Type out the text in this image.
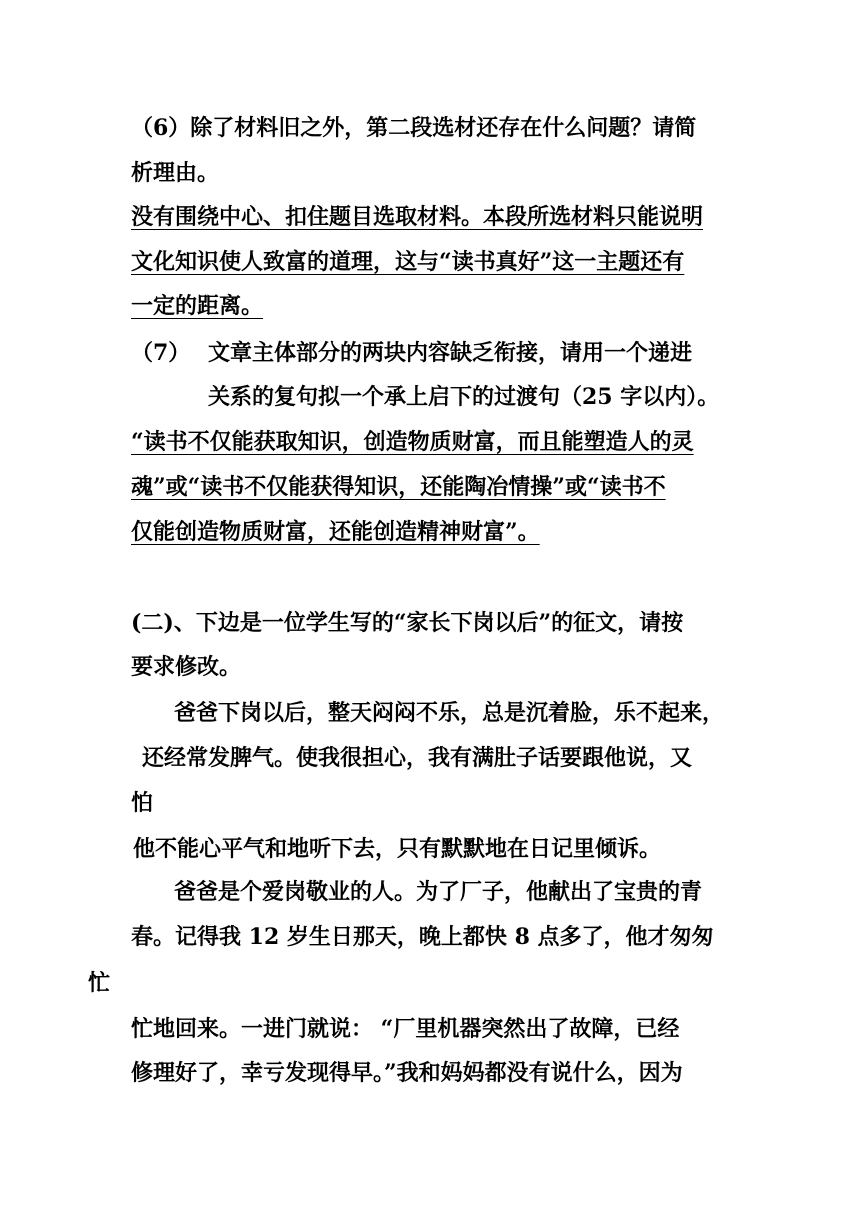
（6）除了材料旧之外，第二段选材还存在什么问题？请简
析理由。
没有围绕中心、扣住题目选取材料。本段所选材料只能说明
文化知识使人致富的道理，这与“读书真好”这一主题还有
一定的距离。
（7） 文章主体部分的两块内容缺乏衔接，请用一个递进
关系的复句拟一个承上启下的过渡句（25 字以内）。
“读书不仅能获取知识，创造物质财富，而且能塑造人的灵
魂”或“读书不仅能获得知识，还能陶冶情操”或“读书不
仅能创造物质财富，还能创造精神财富”。
(二)、下边是一位学生写的“家长下岗以后”的征文，请按
要求修改。
爸爸下岗以后，整天闷闷不乐，总是沉着脸，乐不起来，
还经常发脾气。使我很担心，我有满肚子话要跟他说，又
怕
他不能心平气和地听下去，只有默默地在日记里倾诉。
爸爸是个爱岗敬业的人。为了厂子，他献出了宝贵的青
春。记得我 12 岁生日那天，晚上都快 8 点多了，他才匆匆
忙
忙地回来。一进门就说： “厂里机器突然出了故障，已经
修理好了，幸亏发现得早。”我和妈妈都没有说什么，因为
